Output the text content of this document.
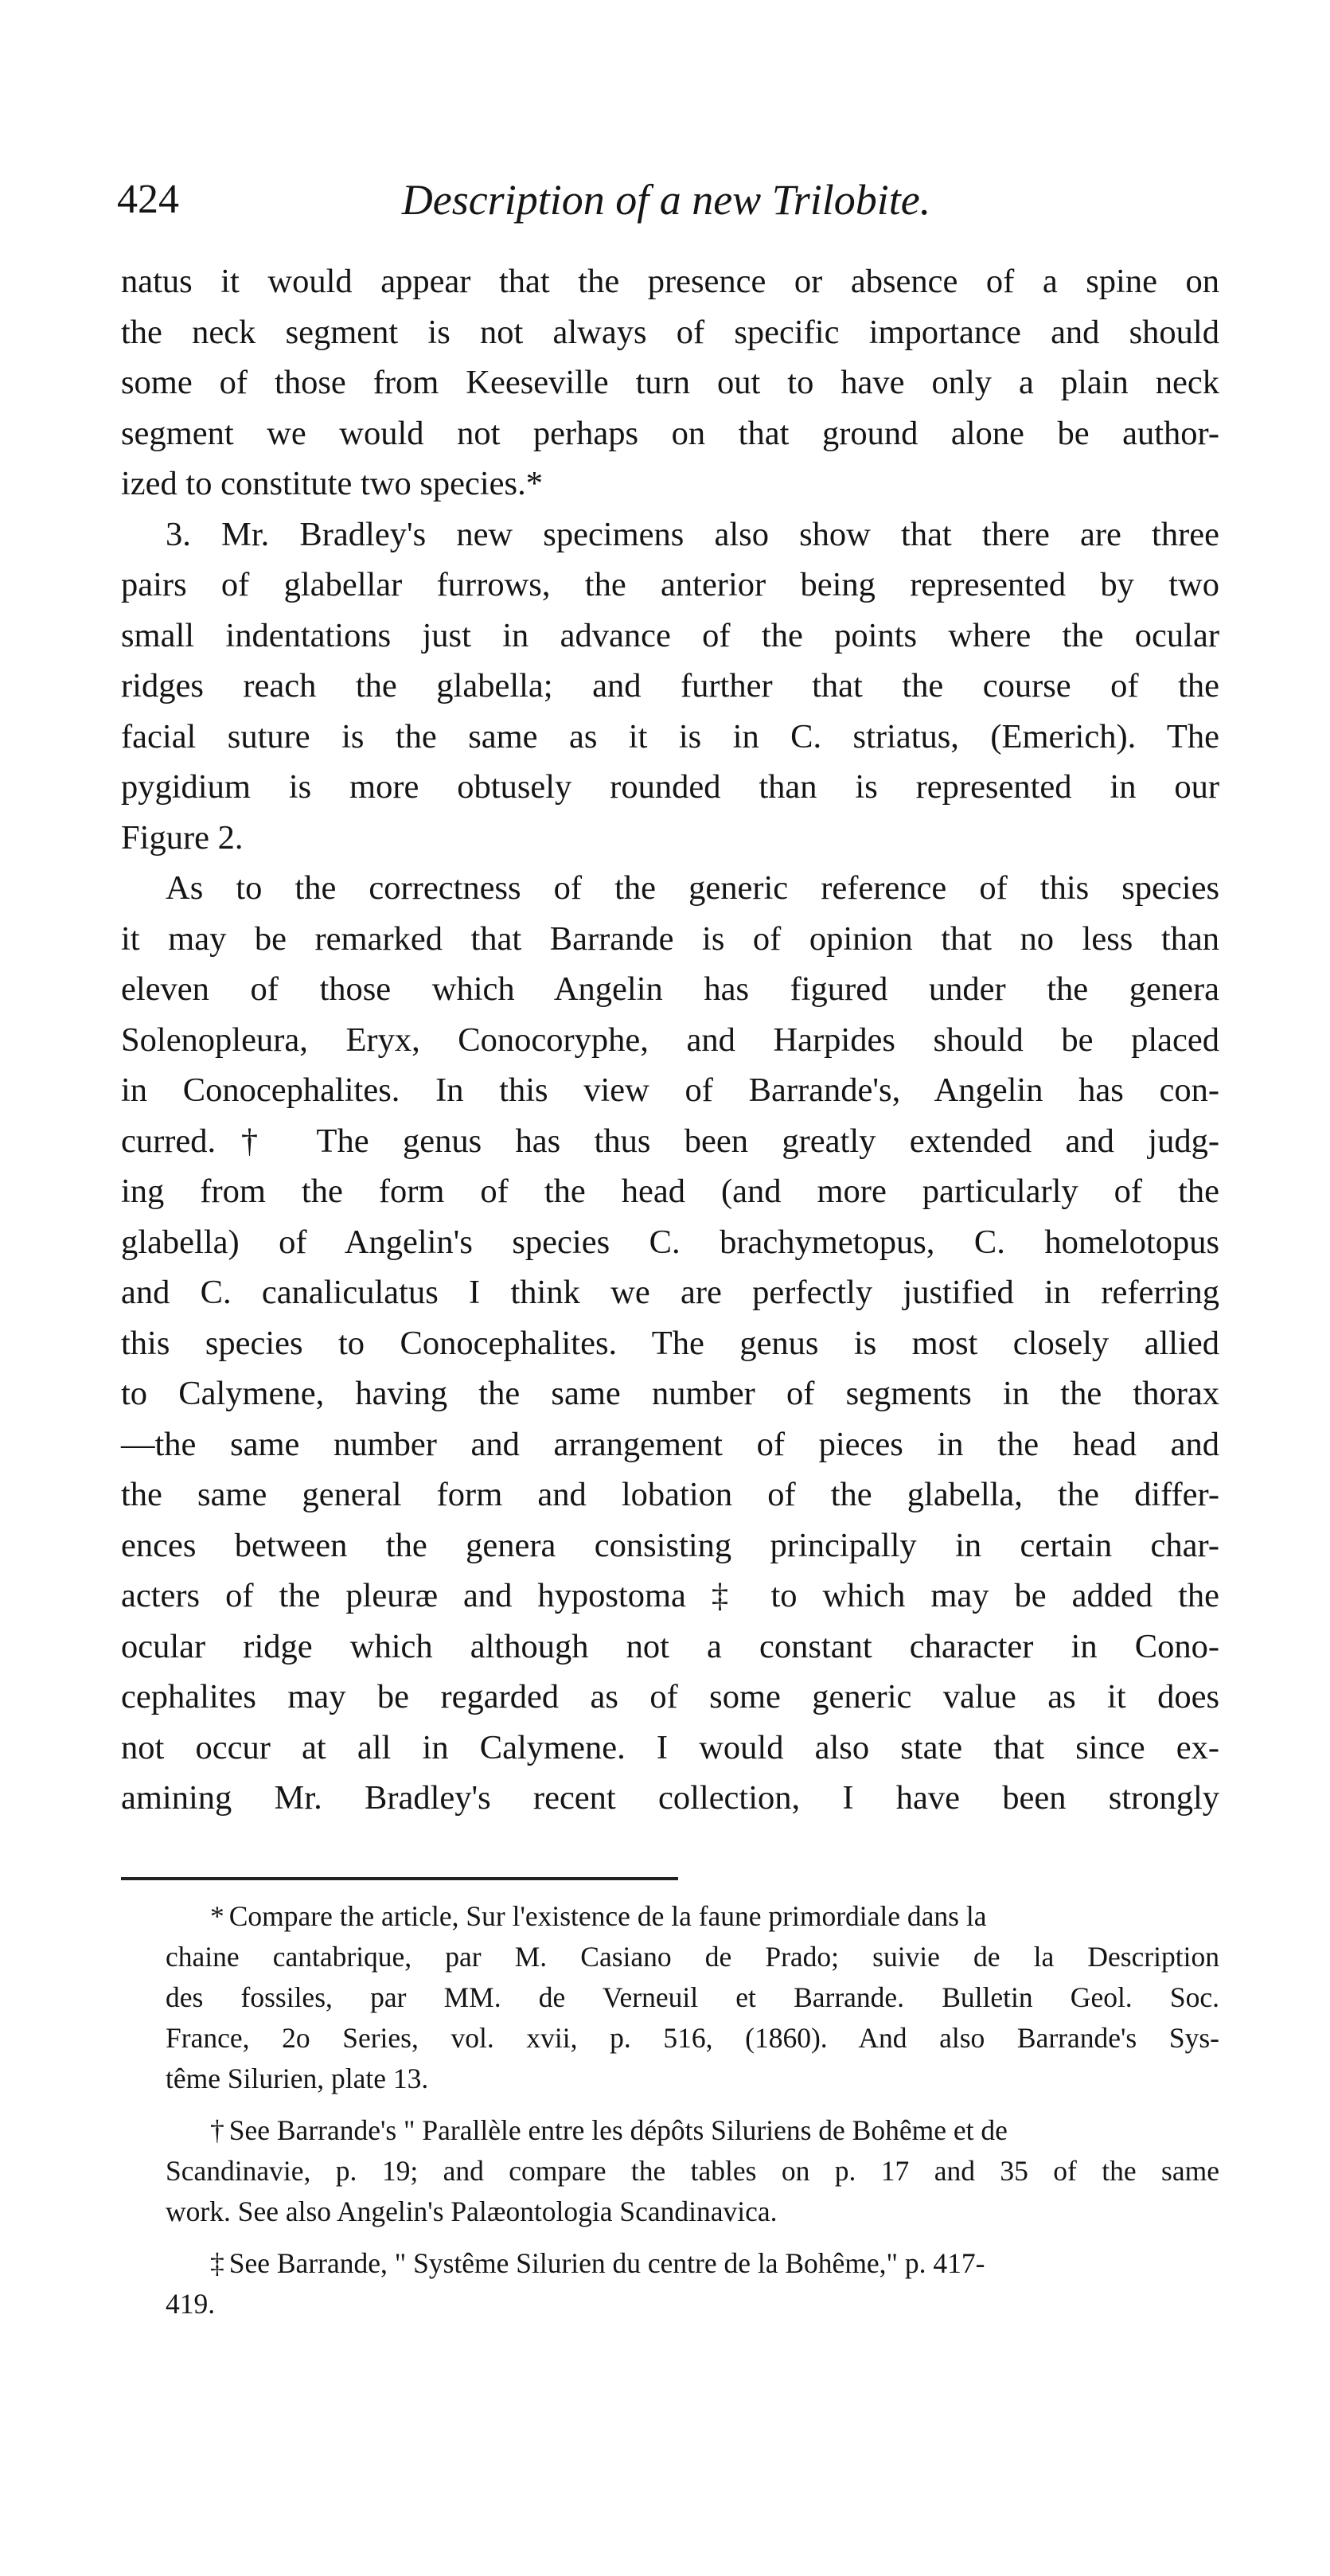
424	Description of a new Trilobite.

natus it would appear that the presence or absence of a spine on

the neck segment is not always of specific importance and should

some of those from Keeseville turn out to have only a plain neck

segment we would not perhaps on that ground alone be author-

ized to constitute two species.*

3. Mr. Bradley's new specimens also show that there are three

pairs of glabellar furrows, the anterior being represented by two

small indentations just in advance of the points where the ocular

ridges reach the glabella; and further that the course of the

facial suture is the same as it is in C. striatus, (Emerich). The

pygidium is more obtusely rounded than is represented in our

Figure 2.

As to the correctness of the generic reference of this species

it may be remarked that Barrande is of opinion that no less than

eleven of those which Angelin has figured under the genera

Solenopleura, Eryx, Conocoryphe, and Harpides should be placed

in Conocephalites. In this view of Barrande's, Angelin has con-

curred.† The genus has thus been greatly extended and judg-

ing from the form of the head (and more particularly of the

glabella) of Angelin's species C. brachymetopus, C. homelotopus

and C. canaliculatus I think we are perfectly justified in referring

this species to Conocephalites. The genus is most closely allied

to Calymene, having the same number of segments in the thorax

—the same number and arrangement of pieces in the head and

the same general form and lobation of the glabella, the differ-

ences between the genera consisting principally in certain char-

acters of the pleuræ and hypostoma ‡ to which may be added the

ocular ridge which although not a constant character in Cono-

cephalites may be regarded as of some generic value as it does

not occur at all in Calymene. I would also state that since ex-

amining Mr. Bradley's recent collection, I have been strongly

* Compare the article, Sur l'existence de la faune primordiale dans la
chaine cantabrique, par M. Casiano de Prado; suivie de la Description
des fossiles, par MM. de Verneuil et Barrande. Bulletin Geol. Soc.
France, 2o Series, vol. xvii, p. 516, (1860). And also Barrande's Sys-
tême Silurien, plate 13.

† See Barrande's " Parallèle entre les dépôts Siluriens de Bohême et de
Scandinavie, p. 19; and compare the tables on p. 17 and 35 of the same
work. See also Angelin's Palæontologia Scandinavica.

‡ See Barrande, " Systême Silurien du centre de la Bohême," p. 417-
419.
